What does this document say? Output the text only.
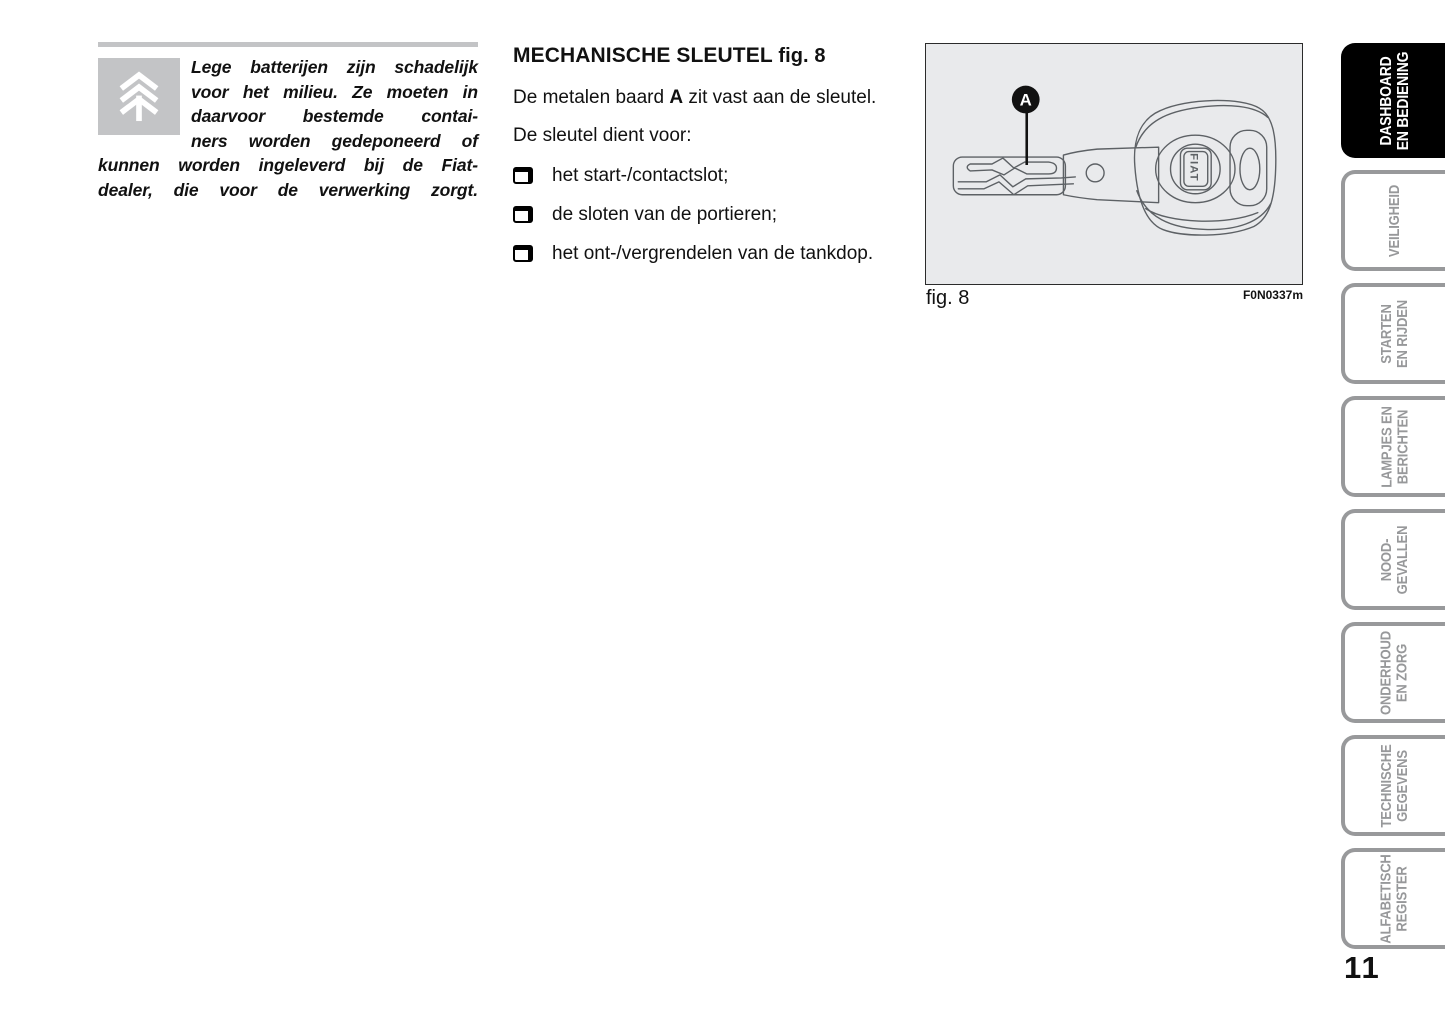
Lege batterijen zijn schadelijk
voor het milieu. Ze moeten in
daarvoor bestemde contai-
ners worden gedeponeerd of
kunnen worden ingeleverd bij de Fiat-
dealer, die voor de verwerking zorgt.
MECHANISCHE SLEUTEL fig. 8

De metalen baard A zit vast aan de sleutel.

De sleutel dient voor:

het start-/contactslot;
de sloten van de portieren;
het ont-/vergrendelen van de tankdop.
FIAT
A
fig. 8	F0N0337m
DASHBOARD EN BEDIENING
VEILIGHEID
STARTEN EN RIJDEN
LAMPJES EN BERICHTEN
NOOD- GEVALLEN
ONDERHOUD EN ZORG
TECHNISCHE GEGEVENS
ALFABETISCH REGISTER
11
